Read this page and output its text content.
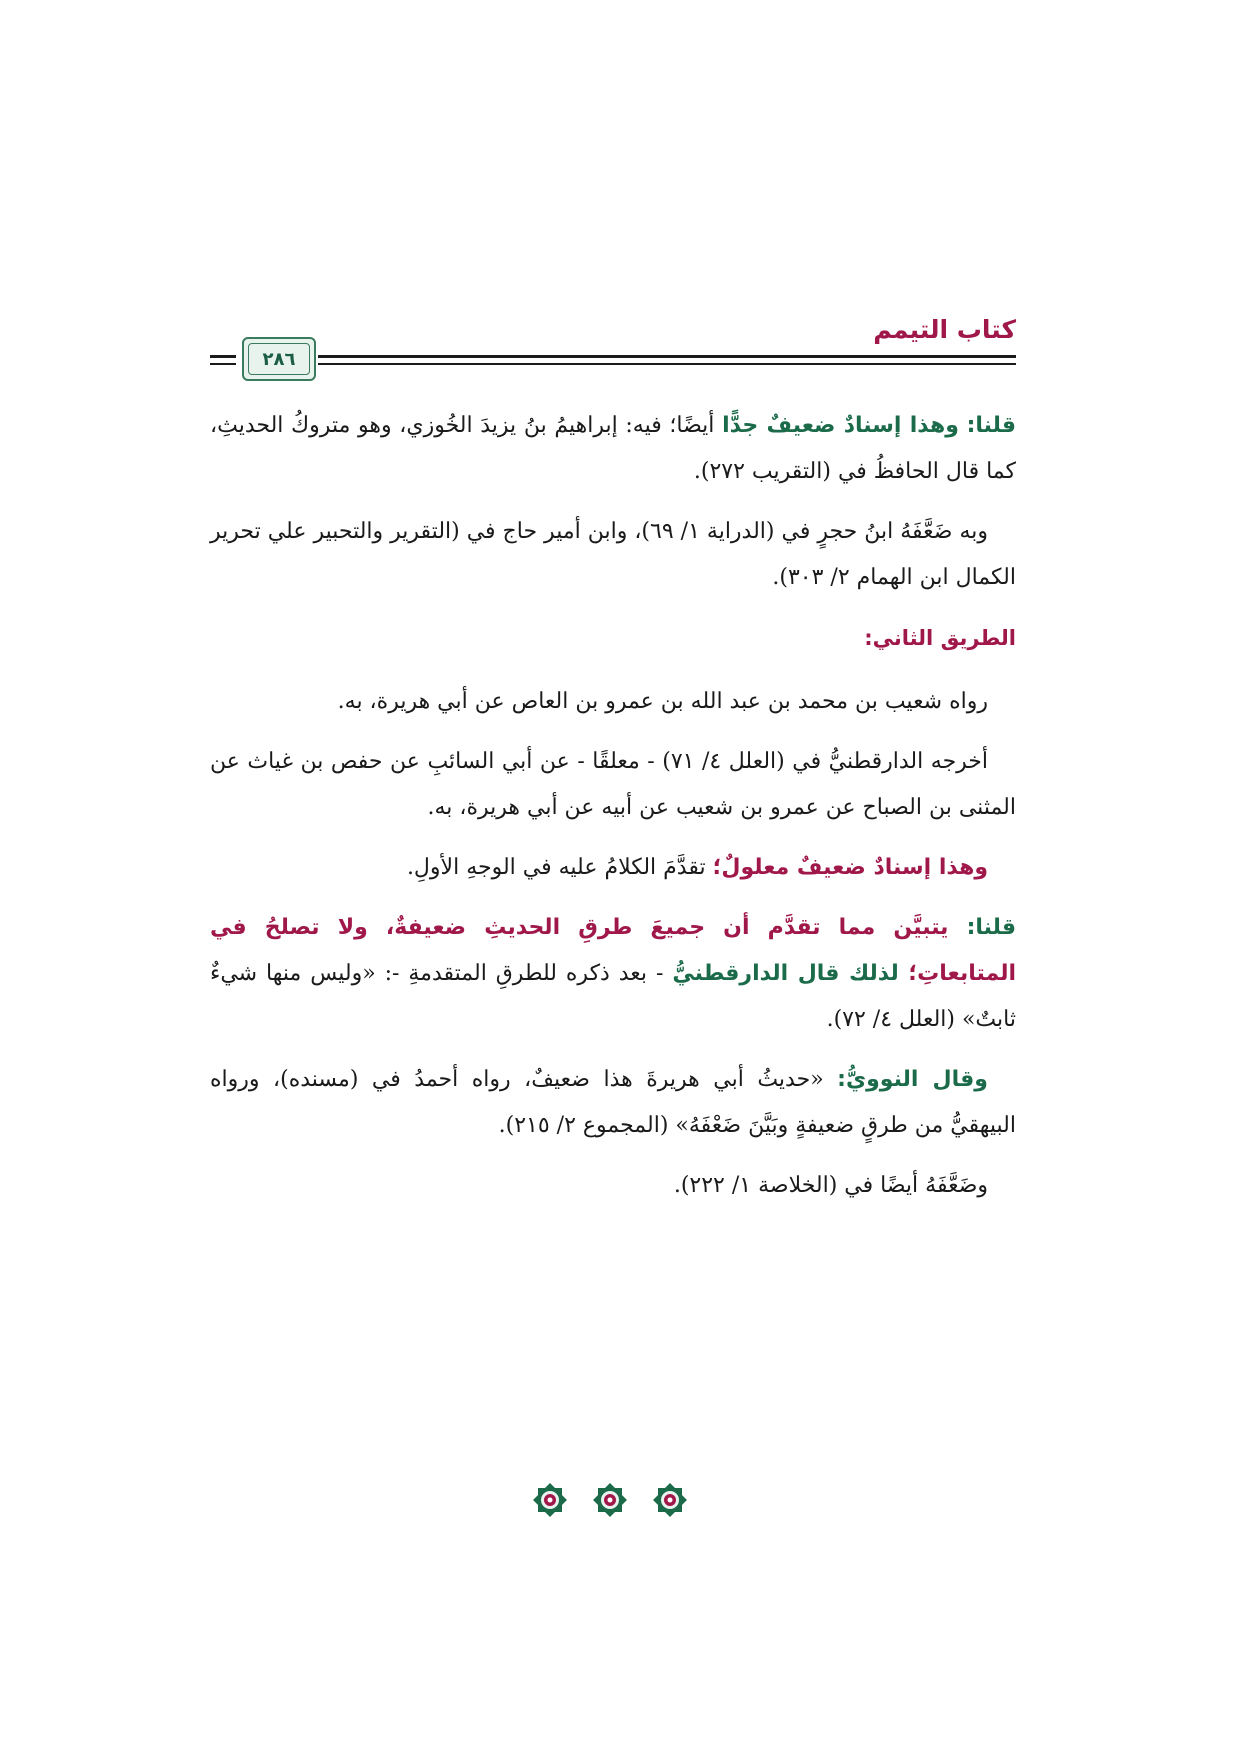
كتاب التيمم
٢٨٦

قلنا: وهذا إسنادٌ ضعيفٌ جدًّا أيضًا؛ فيه: إبراهيمُ بنُ يزيدَ الخُوزي، وهو متروكُ الحديثِ، كما قال الحافظُ في (التقريب ٢٧٢).

وبه ضَعَّفَهُ ابنُ حجرٍ في (الدراية ١/ ٦٩)، وابن أمير حاج في (التقرير والتحبير علي تحرير الكمال ابن الهمام ٢/ ٣٠٣).

الطريق الثاني:

رواه شعيب بن محمد بن عبد الله بن عمرو بن العاص عن أبي هريرة، به.

أخرجه الدارقطنيُّ في (العلل ٤/ ٧١) - معلقًا - عن أبي السائبِ عن حفص بن غياث عن المثنى بن الصباح عن عمرو بن شعيب عن أبيه عن أبي هريرة، به.

وهذا إسنادٌ ضعيفٌ معلولٌ؛ تقدَّمَ الكلامُ عليه في الوجهِ الأولِ.

قلنا: يتبيَّن مما تقدَّم أن جميعَ طرقِ الحديثِ ضعيفةٌ، ولا تصلحُ في المتابعاتِ؛ لذلك قال الدارقطنيُّ - بعد ذكره للطرقِ المتقدمةِ -: «وليس منها شيءٌ ثابتٌ» (العلل ٤/ ٧٢).

وقال النوويُّ: «حديثُ أبي هريرةَ هذا ضعيفٌ، رواه أحمدُ في (مسنده)، ورواه البيهقيُّ من طرقٍ ضعيفةٍ وبَيَّنَ ضَعْفَهُ» (المجموع ٢/ ٢١٥).

وضَعَّفَهُ أيضًا في (الخلاصة ١/ ٢٢٢).
